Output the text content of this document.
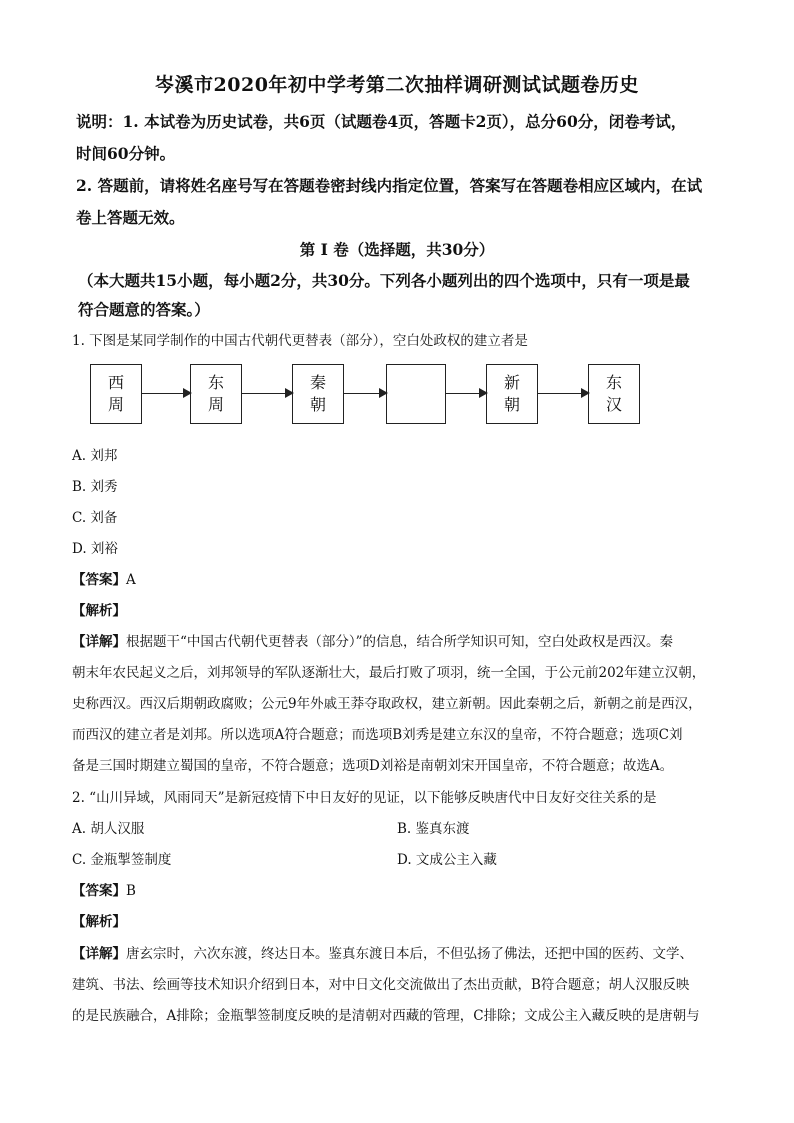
岑溪市2020年初中学考第二次抽样调研测试试题卷历史
说明：1. 本试卷为历史试卷，共6页（试题卷4页，答题卡2页），总分60分，闭卷考试，
时间60分钟。
2. 答题前，请将姓名座号写在答题卷密封线内指定位置，答案写在答题卷相应区域内，在试
卷上答题无效。
第 I 卷（选择题，共30分）
（本大题共15小题，每小题2分，共30分。下列各小题列出的四个选项中，只有一项是最
符合题意的答案。）
1. 下图是某同学制作的中国古代朝代更替表（部分），空白处政权的建立者是
西周
东周
秦朝
新朝
东汉
A. 刘邦
B. 刘秀
C. 刘备
D. 刘裕
【答案】A
【解析】
【详解】根据题干“中国古代朝代更替表（部分）”的信息，结合所学知识可知，空白处政权是西汉。秦
朝末年农民起义之后，刘邦领导的军队逐渐壮大，最后打败了项羽，统一全国，于公元前202年建立汉朝，
史称西汉。西汉后期朝政腐败；公元9年外戚王莽夺取政权，建立新朝。因此秦朝之后，新朝之前是西汉，
而西汉的建立者是刘邦。所以选项A符合题意；而选项B刘秀是建立东汉的皇帝，不符合题意；选项C刘
备是三国时期建立蜀国的皇帝，不符合题意；选项D刘裕是南朝刘宋开国皇帝，不符合题意；故选A。
2. “山川异域，风雨同天”是新冠疫情下中日友好的见证，以下能够反映唐代中日友好交往关系的是
A. 胡人汉服	B. 鉴真东渡
C. 金瓶掣签制度	D. 文成公主入藏
【答案】B
【解析】
【详解】唐玄宗时，六次东渡，终达日本。鉴真东渡日本后，不但弘扬了佛法，还把中国的医药、文学、
建筑、书法、绘画等技术知识介绍到日本，对中日文化交流做出了杰出贡献，B符合题意；胡人汉服反映
的是民族融合，A排除；金瓶掣签制度反映的是清朝对西藏的管理，C排除；文成公主入藏反映的是唐朝与
